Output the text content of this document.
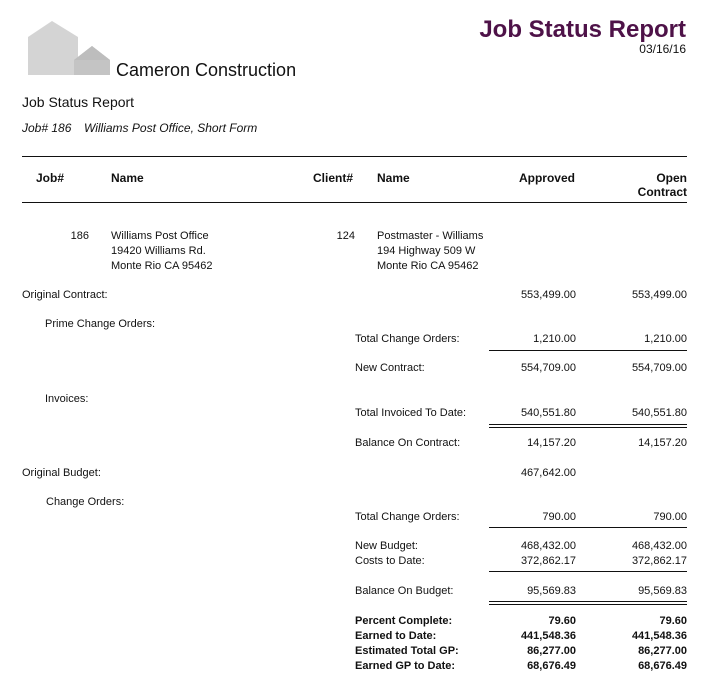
Job Status Report
03/16/16
Cameron Construction
Job Status Report
Job# 186 Williams Post Office, Short Form
Job#	Name	Client# Name	Approved	Open
Contract
186 Williams Post Office
19420 Williams Rd.
Monte Rio CA 95462
124 Postmaster - Williams
194 Highway 509 W
Monte Rio CA 95462
Original Contract:	553,499.00	553,499.00
Prime Change Orders:
Total Change Orders:	1,210.00	1,210.00
New Contract:	554,709.00	554,709.00
Invoices:
Total Invoiced To Date:	540,551.80	540,551.80
Balance On Contract:	14,157.20	14,157.20
Original Budget:	467,642.00
Change Orders:
Total Change Orders:	790.00	790.00
New Budget:	468,432.00	468,432.00
Costs to Date:	372,862.17	372,862.17
Balance On Budget:	95,569.83	95,569.83
Percent Complete:	79.60	79.60
Earned to Date:	441,548.36	441,548.36
Estimated Total GP:	86,277.00	86,277.00
Earned GP to Date:	68,676.49	68,676.49
